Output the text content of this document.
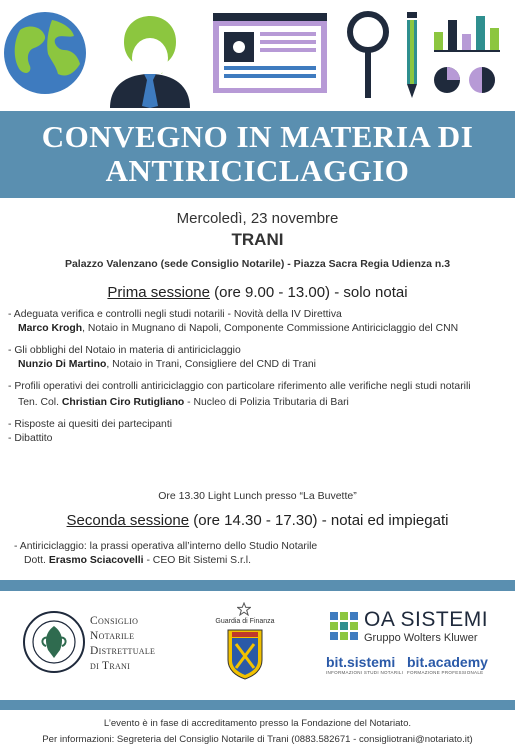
CONVEGNO IN MATERIA DI
ANTIRICICLAGGIO
Mercoledì, 23 novembre
TRANI
Palazzo Valenzano (sede Consiglio Notarile) - Piazza Sacra Regia Udienza n.3
Prima sessione (ore 9.00 - 13.00) - solo notai
- Adeguata verifica e controlli negli studi notarili - Novità della IV Direttiva
Marco Krogh, Notaio in Mugnano di Napoli, Componente Commissione Antiriciclaggio del CNN
- Gli obblighi del Notaio in materia di antiriciclaggio
Nunzio Di Martino, Notaio in Trani, Consigliere del CND di Trani
- Profili operativi dei controlli antiriciclaggio con particolare riferimento alle verifiche negli studi notarili
Ten. Col. Christian Ciro Rutigliano - Nucleo di Polizia Tributaria di Bari
- Risposte ai quesiti dei partecipanti
- Dibattito
Ore 13.30 Light Lunch presso “La Buvette”
Seconda sessione (ore 14.30 - 17.30) - notai ed impiegati
- Antiriciclaggio: la prassi operativa all’interno dello Studio Notarile
Dott. Erasmo Sciacovelli - CEO Bit Sistemi S.r.l.
Consiglio
Notarile
Distrettuale
di Trani
Guardia di Finanza	OA SISTEMI
Gruppo Wolters Kluwer
bit.sistemi
INFORMAZIONI STUDI NOTARILI
bit.academy
FORMAZIONE PROFESSIONALE
L’evento è in fase di accreditamento presso la Fondazione del Notariato.
Per informazioni: Segreteria del Consiglio Notarile di Trani (0883.582671 - consigliotrani@notariato.it)
